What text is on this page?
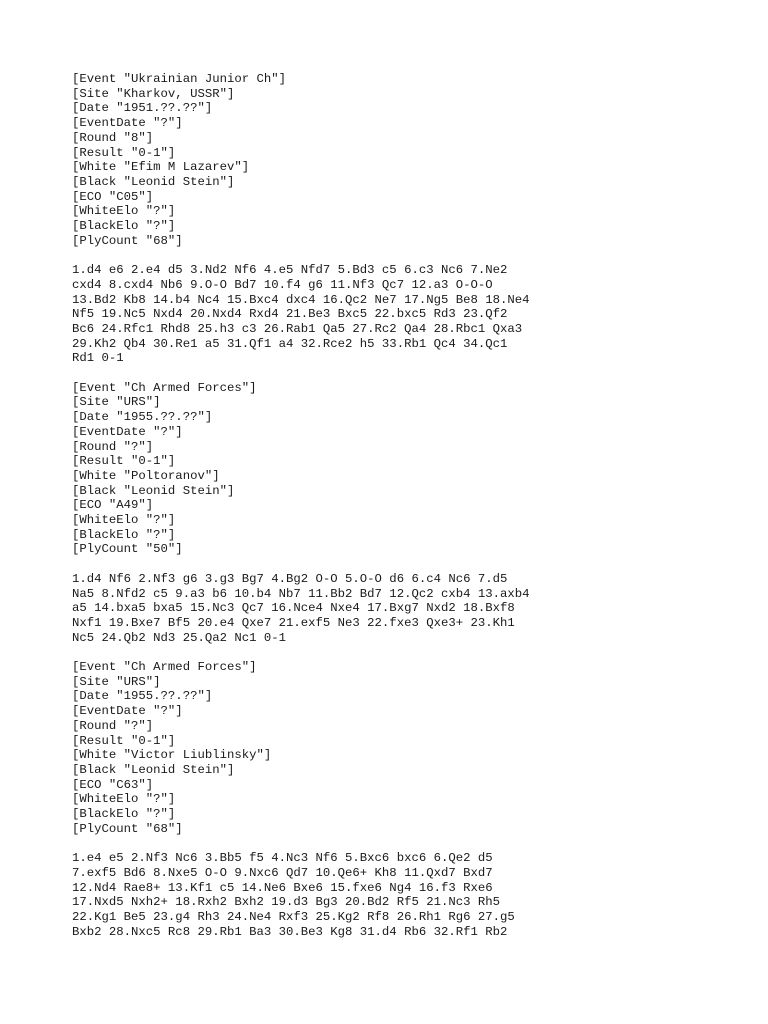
[Event "Ukrainian Junior Ch"]
[Site "Kharkov, USSR"]
[Date "1951.??.??"]
[EventDate "?"]
[Round "8"]
[Result "0-1"]
[White "Efim M Lazarev"]
[Black "Leonid Stein"]
[ECO "C05"]
[WhiteElo "?"]
[BlackElo "?"]
[PlyCount "68"]
1.d4 e6 2.e4 d5 3.Nd2 Nf6 4.e5 Nfd7 5.Bd3 c5 6.c3 Nc6 7.Ne2
cxd4 8.cxd4 Nb6 9.O-O Bd7 10.f4 g6 11.Nf3 Qc7 12.a3 O-O-O
13.Bd2 Kb8 14.b4 Nc4 15.Bxc4 dxc4 16.Qc2 Ne7 17.Ng5 Be8 18.Ne4
Nf5 19.Nc5 Nxd4 20.Nxd4 Rxd4 21.Be3 Bxc5 22.bxc5 Rd3 23.Qf2
Bc6 24.Rfc1 Rhd8 25.h3 c3 26.Rab1 Qa5 27.Rc2 Qa4 28.Rbc1 Qxa3
29.Kh2 Qb4 30.Re1 a5 31.Qf1 a4 32.Rce2 h5 33.Rb1 Qc4 34.Qc1
Rd1 0-1
[Event "Ch Armed Forces"]
[Site "URS"]
[Date "1955.??.??"]
[EventDate "?"]
[Round "?"]
[Result "0-1"]
[White "Poltoranov"]
[Black "Leonid Stein"]
[ECO "A49"]
[WhiteElo "?"]
[BlackElo "?"]
[PlyCount "50"]
1.d4 Nf6 2.Nf3 g6 3.g3 Bg7 4.Bg2 O-O 5.O-O d6 6.c4 Nc6 7.d5
Na5 8.Nfd2 c5 9.a3 b6 10.b4 Nb7 11.Bb2 Bd7 12.Qc2 cxb4 13.axb4
a5 14.bxa5 bxa5 15.Nc3 Qc7 16.Nce4 Nxe4 17.Bxg7 Nxd2 18.Bxf8
Nxf1 19.Bxe7 Bf5 20.e4 Qxe7 21.exf5 Ne3 22.fxe3 Qxe3+ 23.Kh1
Nc5 24.Qb2 Nd3 25.Qa2 Nc1 0-1
[Event "Ch Armed Forces"]
[Site "URS"]
[Date "1955.??.??"]
[EventDate "?"]
[Round "?"]
[Result "0-1"]
[White "Victor Liublinsky"]
[Black "Leonid Stein"]
[ECO "C63"]
[WhiteElo "?"]
[BlackElo "?"]
[PlyCount "68"]
1.e4 e5 2.Nf3 Nc6 3.Bb5 f5 4.Nc3 Nf6 5.Bxc6 bxc6 6.Qe2 d5
7.exf5 Bd6 8.Nxe5 O-O 9.Nxc6 Qd7 10.Qe6+ Kh8 11.Qxd7 Bxd7
12.Nd4 Rae8+ 13.Kf1 c5 14.Ne6 Bxe6 15.fxe6 Ng4 16.f3 Rxe6
17.Nxd5 Nxh2+ 18.Rxh2 Bxh2 19.d3 Bg3 20.Bd2 Rf5 21.Nc3 Rh5
22.Kg1 Be5 23.g4 Rh3 24.Ne4 Rxf3 25.Kg2 Rf8 26.Rh1 Rg6 27.g5
Bxb2 28.Nxc5 Rc8 29.Rb1 Ba3 30.Be3 Kg8 31.d4 Rb6 32.Rf1 Rb2
